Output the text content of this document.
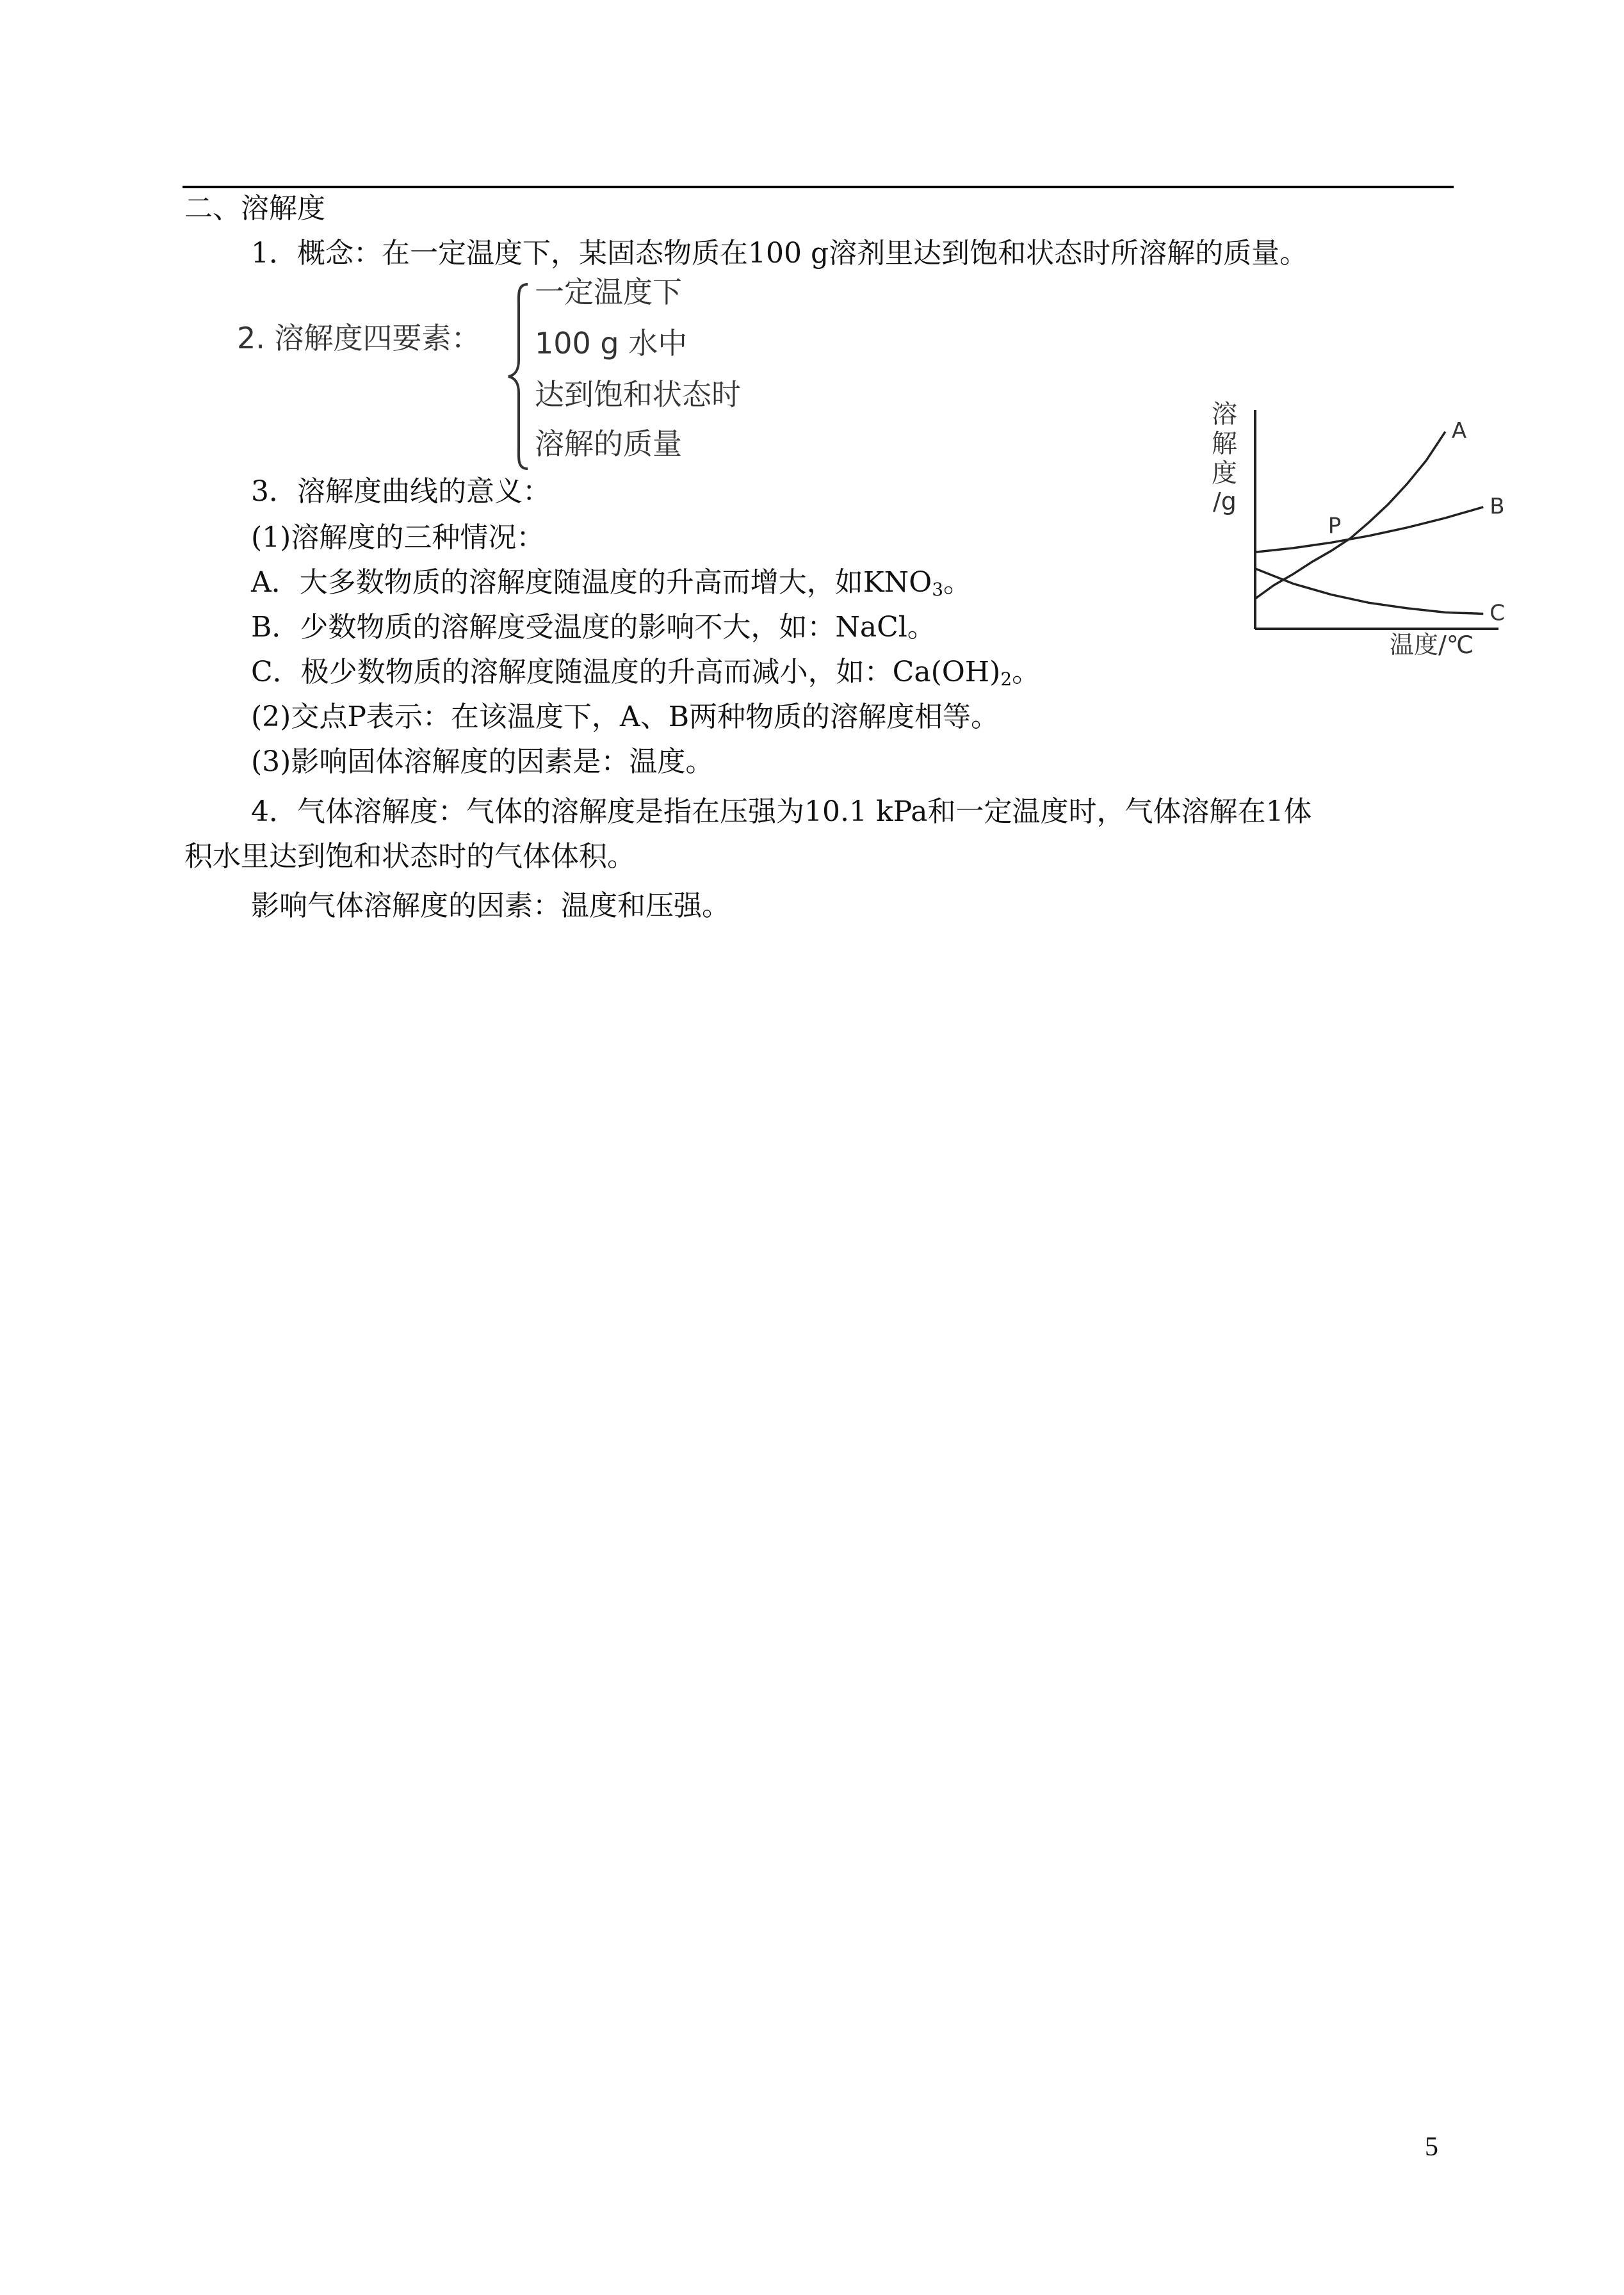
二、溶解度
1．概念：在一定温度下，某固态物质在100 g溶剂里达到饱和状态时所溶解的质量。
2. 溶解度四要素：
一定温度下
100 g 水中
达到饱和状态时
溶解的质量
3．溶解度曲线的意义：
(1)溶解度的三种情况：
A．大多数物质的溶解度随温度的升高而增大，如$KNO_3$。
B．少数物质的溶解度受温度的影响不大，如：NaCl。
C．极少数物质的溶解度随温度的升高而减小，如：$Ca(OH)_2$。
(2)交点P表示：在该温度下，A、B两种物质的溶解度相等。
(3)影响固体溶解度的因素是：温度。
4．气体溶解度：气体的溶解度是指在压强为10.1 kPa和一定温度时，气体溶解在1体
积水里达到饱和状态时的气体体积。
影响气体溶解度的因素：温度和压强。
溶
解
度
/g
温度/℃
A
B
C
P
5
